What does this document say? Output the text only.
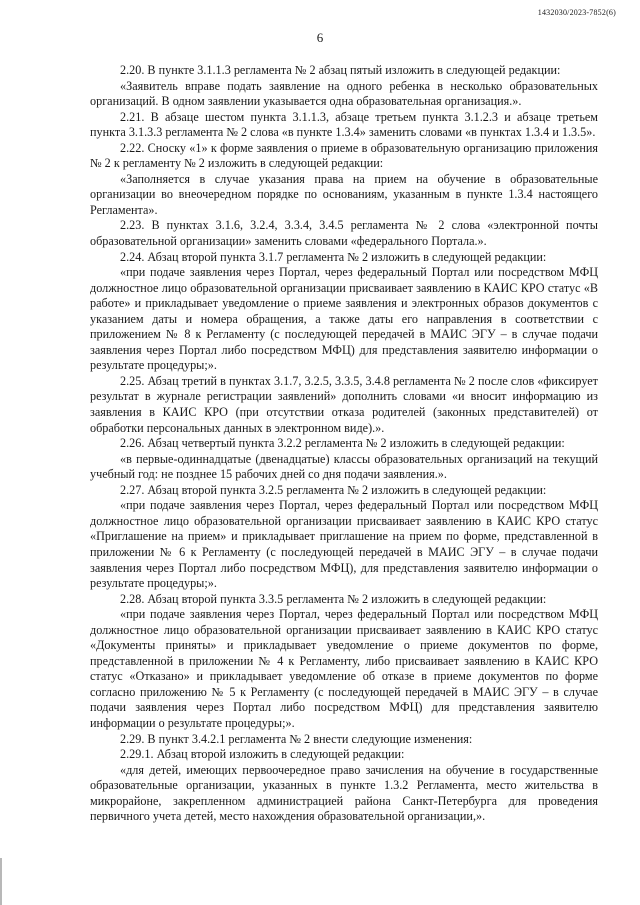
1432030/2023-7852(6)
6

2.20. В пункте 3.1.1.3 регламента № 2 абзац пятый изложить в следующей редакции:

«Заявитель вправе подать заявление на одного ребенка в несколько образовательных организаций. В одном заявлении указывается одна образовательная организация.».

2.21. В абзаце шестом пункта 3.1.1.3, абзаце третьем пункта 3.1.2.3 и абзаце третьем пункта 3.1.3.3 регламента № 2 слова «в пункте 1.3.4» заменить словами «в пунктах 1.3.4 и 1.3.5».

2.22. Сноску «1» к форме заявления о приеме в образовательную организацию приложения № 2 к регламенту № 2 изложить в следующей редакции:

«Заполняется в случае указания права на прием на обучение в образовательные организации во внеочередном порядке по основаниям, указанным в пункте 1.3.4 настоящего Регламента».

2.23. В пунктах 3.1.6, 3.2.4, 3.3.4, 3.4.5 регламента № 2 слова «электронной почты образовательной организации» заменить словами «федерального Портала.».

2.24. Абзац второй пункта 3.1.7 регламента № 2 изложить в следующей редакции:

«при подаче заявления через Портал, через федеральный Портал или посредством МФЦ должностное лицо образовательной организации присваивает заявлению в КАИС КРО статус «В работе» и прикладывает уведомление о приеме заявления и электронных образов документов с указанием даты и номера обращения, а также даты его направления в соответствии с приложением № 8 к Регламенту (с последующей передачей в МАИС ЭГУ – в случае подачи заявления через Портал либо посредством МФЦ) для представления заявителю информации о результате процедуры;».

2.25. Абзац третий в пунктах 3.1.7, 3.2.5, 3.3.5, 3.4.8 регламента № 2 после слов «фиксирует результат в журнале регистрации заявлений» дополнить словами «и вносит информацию из заявления в КАИС КРО (при отсутствии отказа родителей (законных представителей) от обработки персональных данных в электронном виде).».

2.26. Абзац четвертый пункта 3.2.2 регламента № 2 изложить в следующей редакции:

«в первые-одиннадцатые (двенадцатые) классы образовательных организаций на текущий учебный год: не позднее 15 рабочих дней со дня подачи заявления.».

2.27. Абзац второй пункта 3.2.5 регламента № 2 изложить в следующей редакции:

«при подаче заявления через Портал, через федеральный Портал или посредством МФЦ должностное лицо образовательной организации присваивает заявлению в КАИС КРО статус «Приглашение на прием» и прикладывает приглашение на прием по форме, представленной в приложении № 6 к Регламенту (с последующей передачей в МАИС ЭГУ – в случае подачи заявления через Портал либо посредством МФЦ), для представления заявителю информации о результате процедуры;».

2.28. Абзац второй пункта 3.3.5 регламента № 2 изложить в следующей редакции:

«при подаче заявления через Портал, через федеральный Портал или посредством МФЦ должностное лицо образовательной организации присваивает заявлению в КАИС КРО статус «Документы приняты» и прикладывает уведомление о приеме документов по форме, представленной в приложении № 4 к Регламенту, либо присваивает заявлению в КАИС КРО статус «Отказано» и прикладывает уведомление об отказе в приеме документов по форме согласно приложению № 5 к Регламенту (с последующей передачей в МАИС ЭГУ – в случае подачи заявления через Портал либо посредством МФЦ) для представления заявителю информации о результате процедуры;».

2.29. В пункт 3.4.2.1 регламента № 2 внести следующие изменения:

2.29.1. Абзац второй изложить в следующей редакции:

«для детей, имеющих первоочередное право зачисления на обучение в государственные образовательные организации, указанных в пункте 1.3.2 Регламента, место жительства в микрорайоне, закрепленном администрацией района Санкт-Петербурга для проведения первичного учета детей, место нахождения образовательной организации,».
